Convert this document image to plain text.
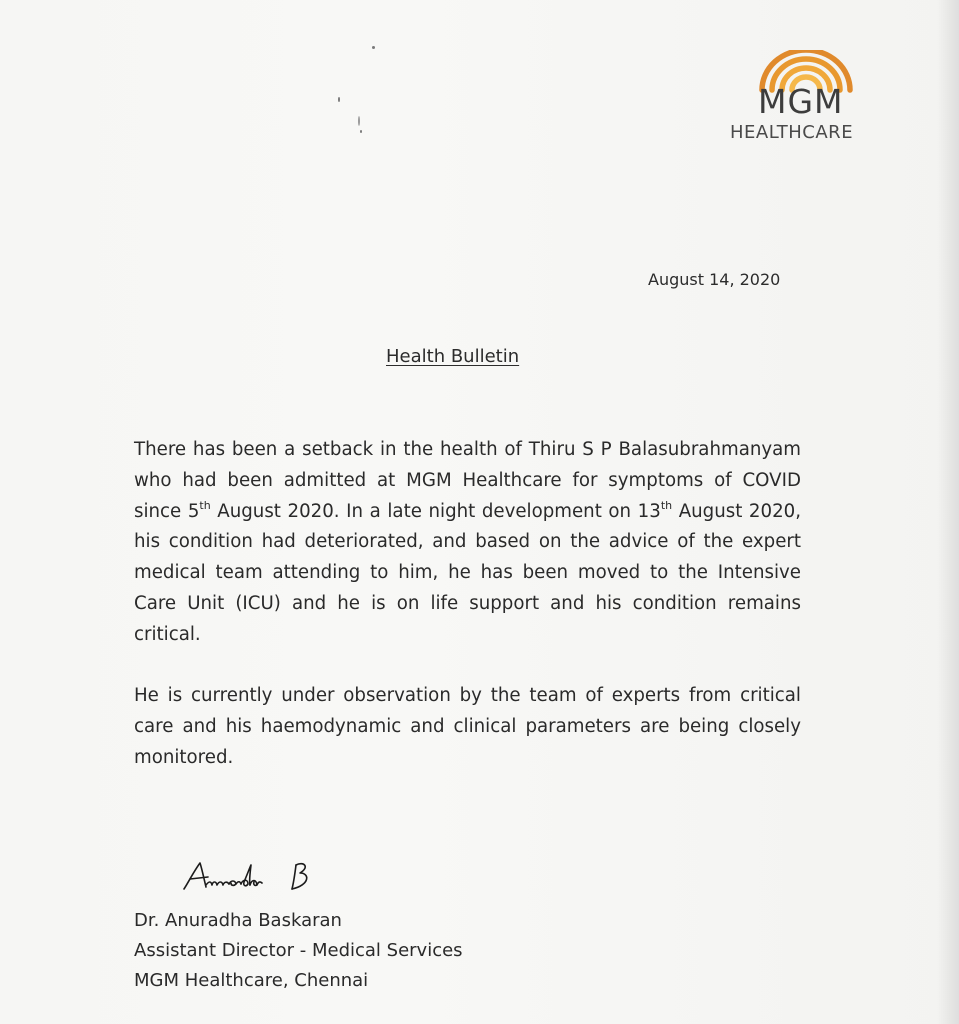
MGM
HEALTHCARE
August 14, 2020
Health Bulletin
There has been a setback in the health of Thiru S P Balasubrahmanyam who had been admitted at MGM Healthcare for symptoms of COVID since 5th August 2020. In a late night development on 13th August 2020, his condition had deteriorated, and based on the advice of the expert medical team attending to him, he has been moved to the Intensive Care Unit (ICU) and he is on life support and his condition remains critical.
He is currently under observation by the team of experts from critical care and his haemodynamic and clinical parameters are being closely monitored.
Dr. Anuradha Baskaran
Assistant Director - Medical Services
MGM Healthcare, Chennai
